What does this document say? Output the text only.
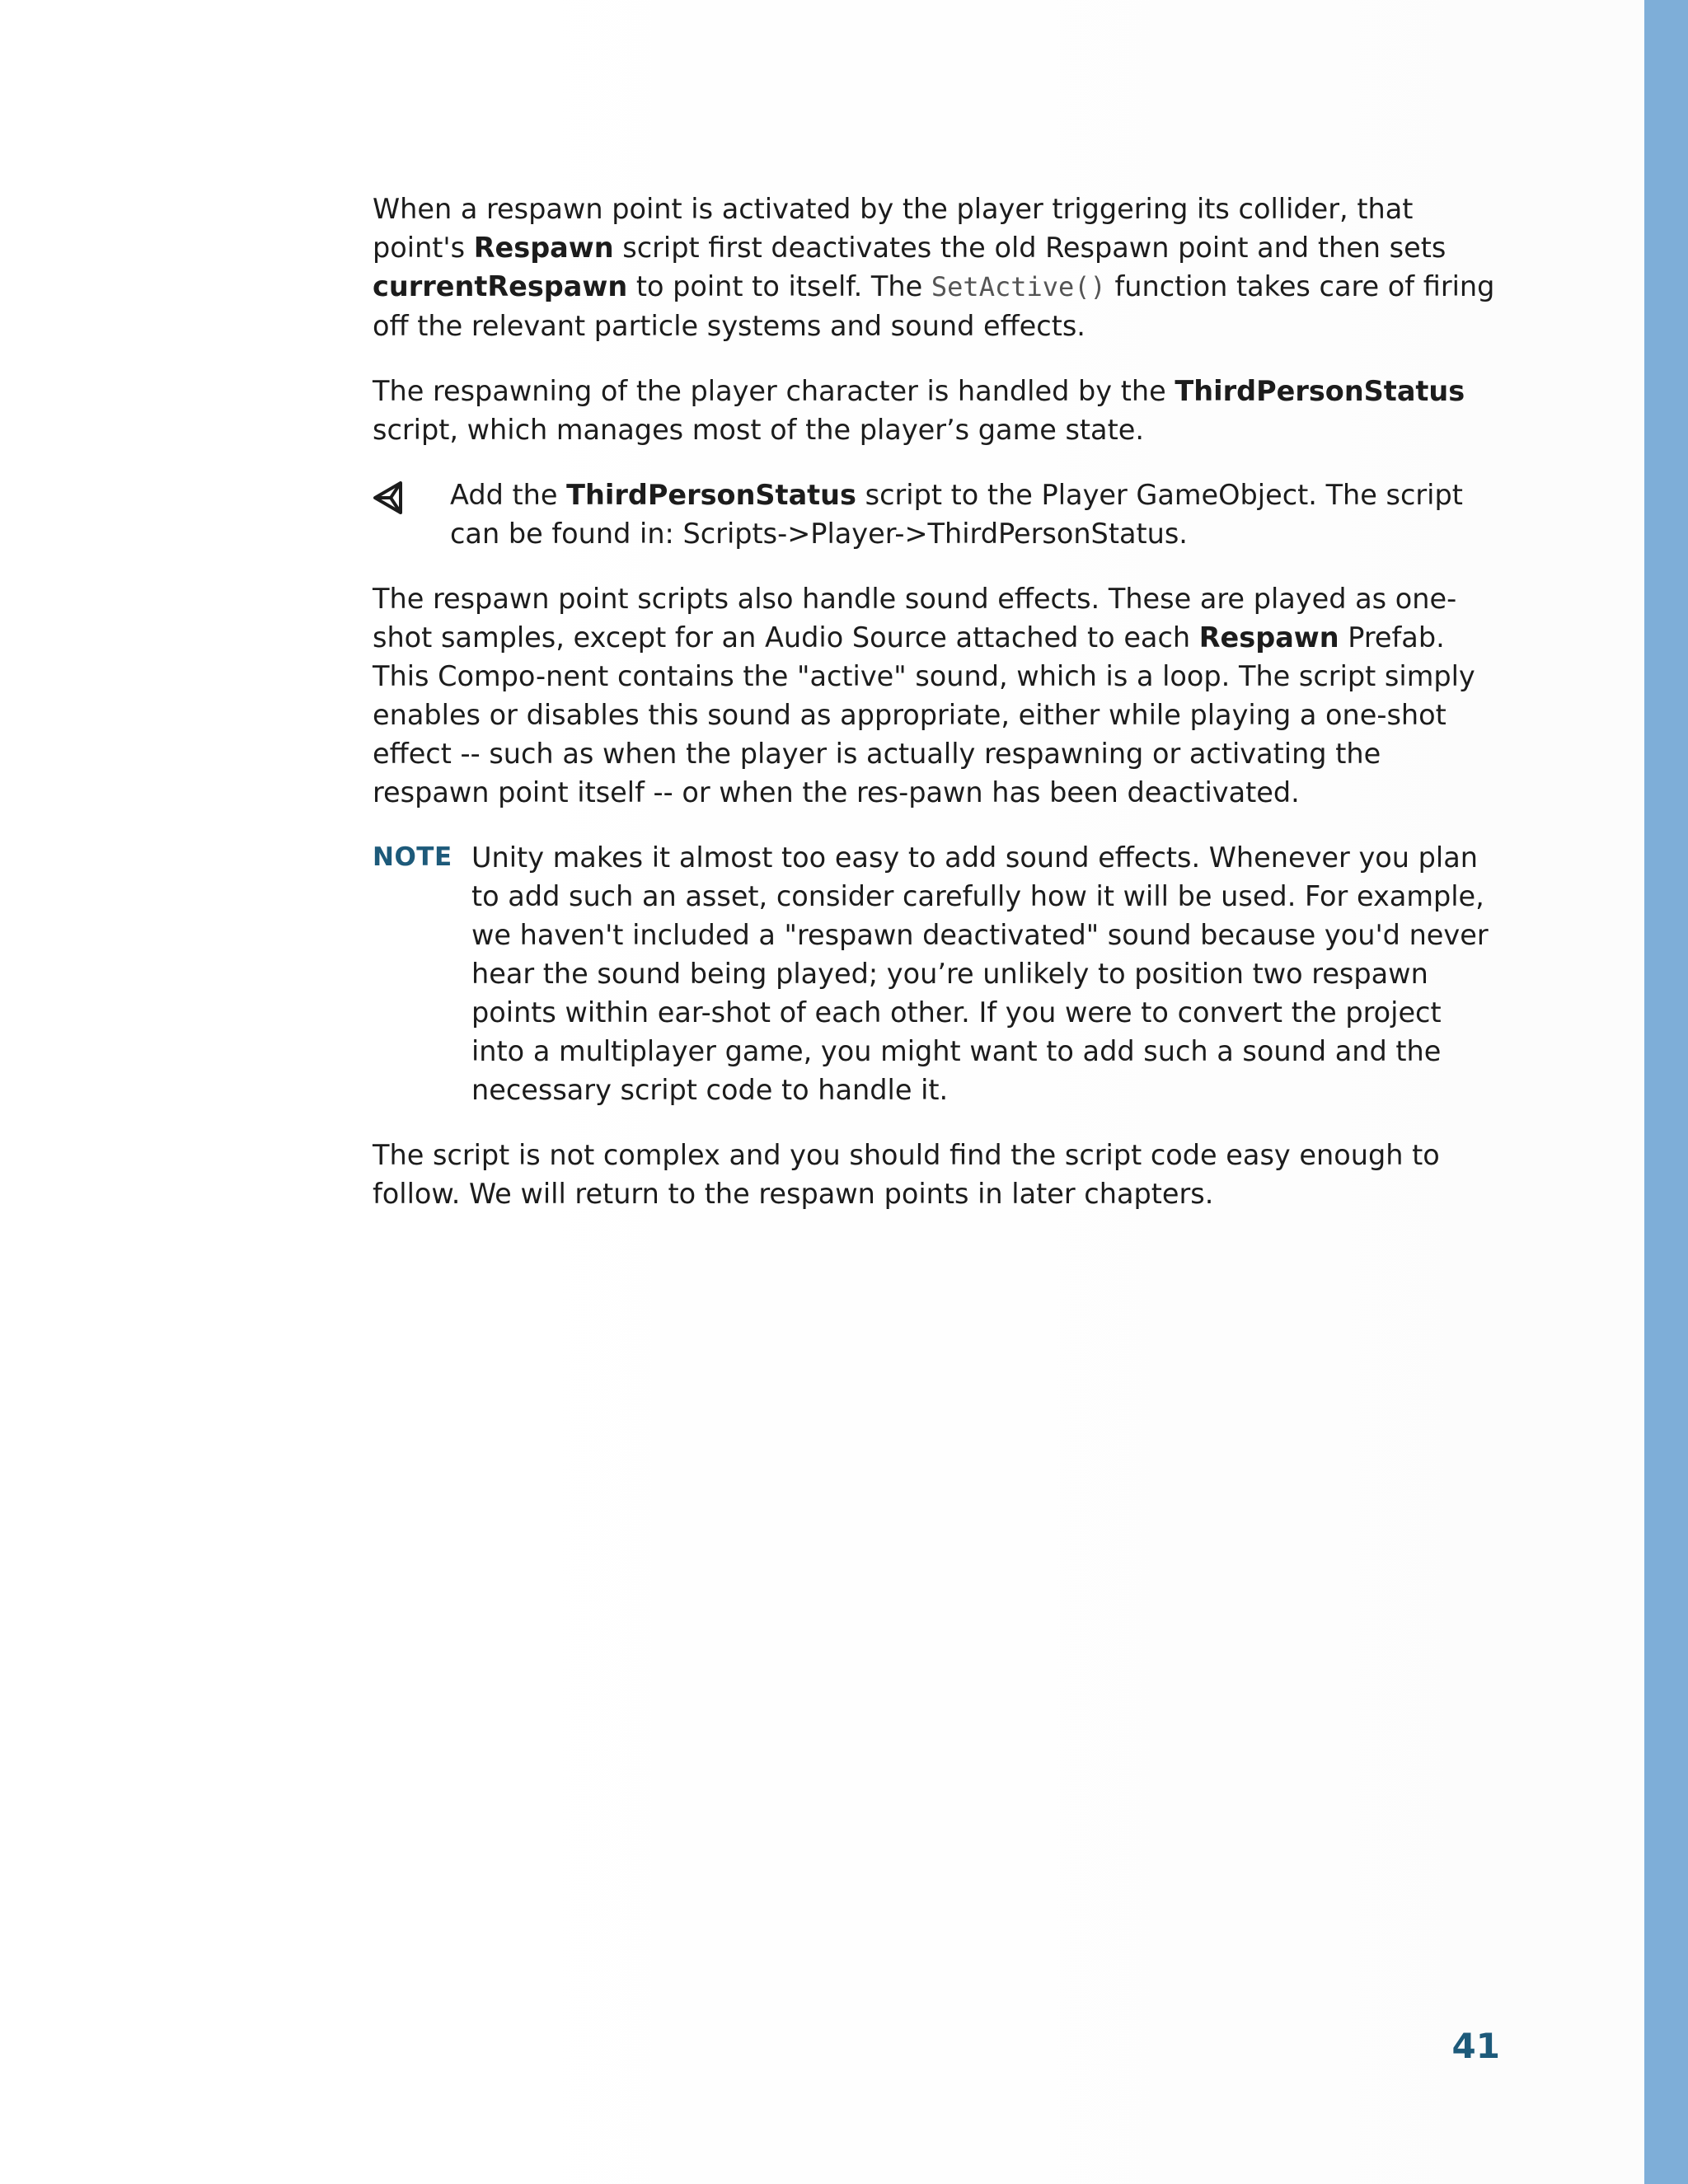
When a respawn point is activated by the player triggering its collider, that point's Respawn script first deactivates the old Respawn point and then sets currentRespawn to point to itself. The SetActive() function takes care of firing off the relevant particle systems and sound effects.

The respawning of the player character is handled by the ThirdPersonStatus script, which manages most of the player’s game state.

Add the ThirdPersonStatus script to the Player GameObject. The script can be found in: Scripts->Player->ThirdPersonStatus.

The respawn point scripts also handle sound effects. These are played as one-shot samples, except for an Audio Source attached to each Respawn Prefab. This Compo-nent contains the "active" sound, which is a loop. The script simply enables or disables this sound as appropriate, either while playing a one-shot effect -- such as when the player is actually respawning or activating the respawn point itself -- or when the res-pawn has been deactivated.

NOTE Unity makes it almost too easy to add sound effects. Whenever you plan to add such an asset, consider carefully how it will be used. For example, we haven't included a "respawn deactivated" sound because you'd never hear the sound being played; you’re unlikely to position two respawn points within ear-shot of each other. If you were to convert the project into a multiplayer game, you might want to add such a sound and the necessary script code to handle it.

The script is not complex and you should find the script code easy enough to follow. We will return to the respawn points in later chapters.

41
